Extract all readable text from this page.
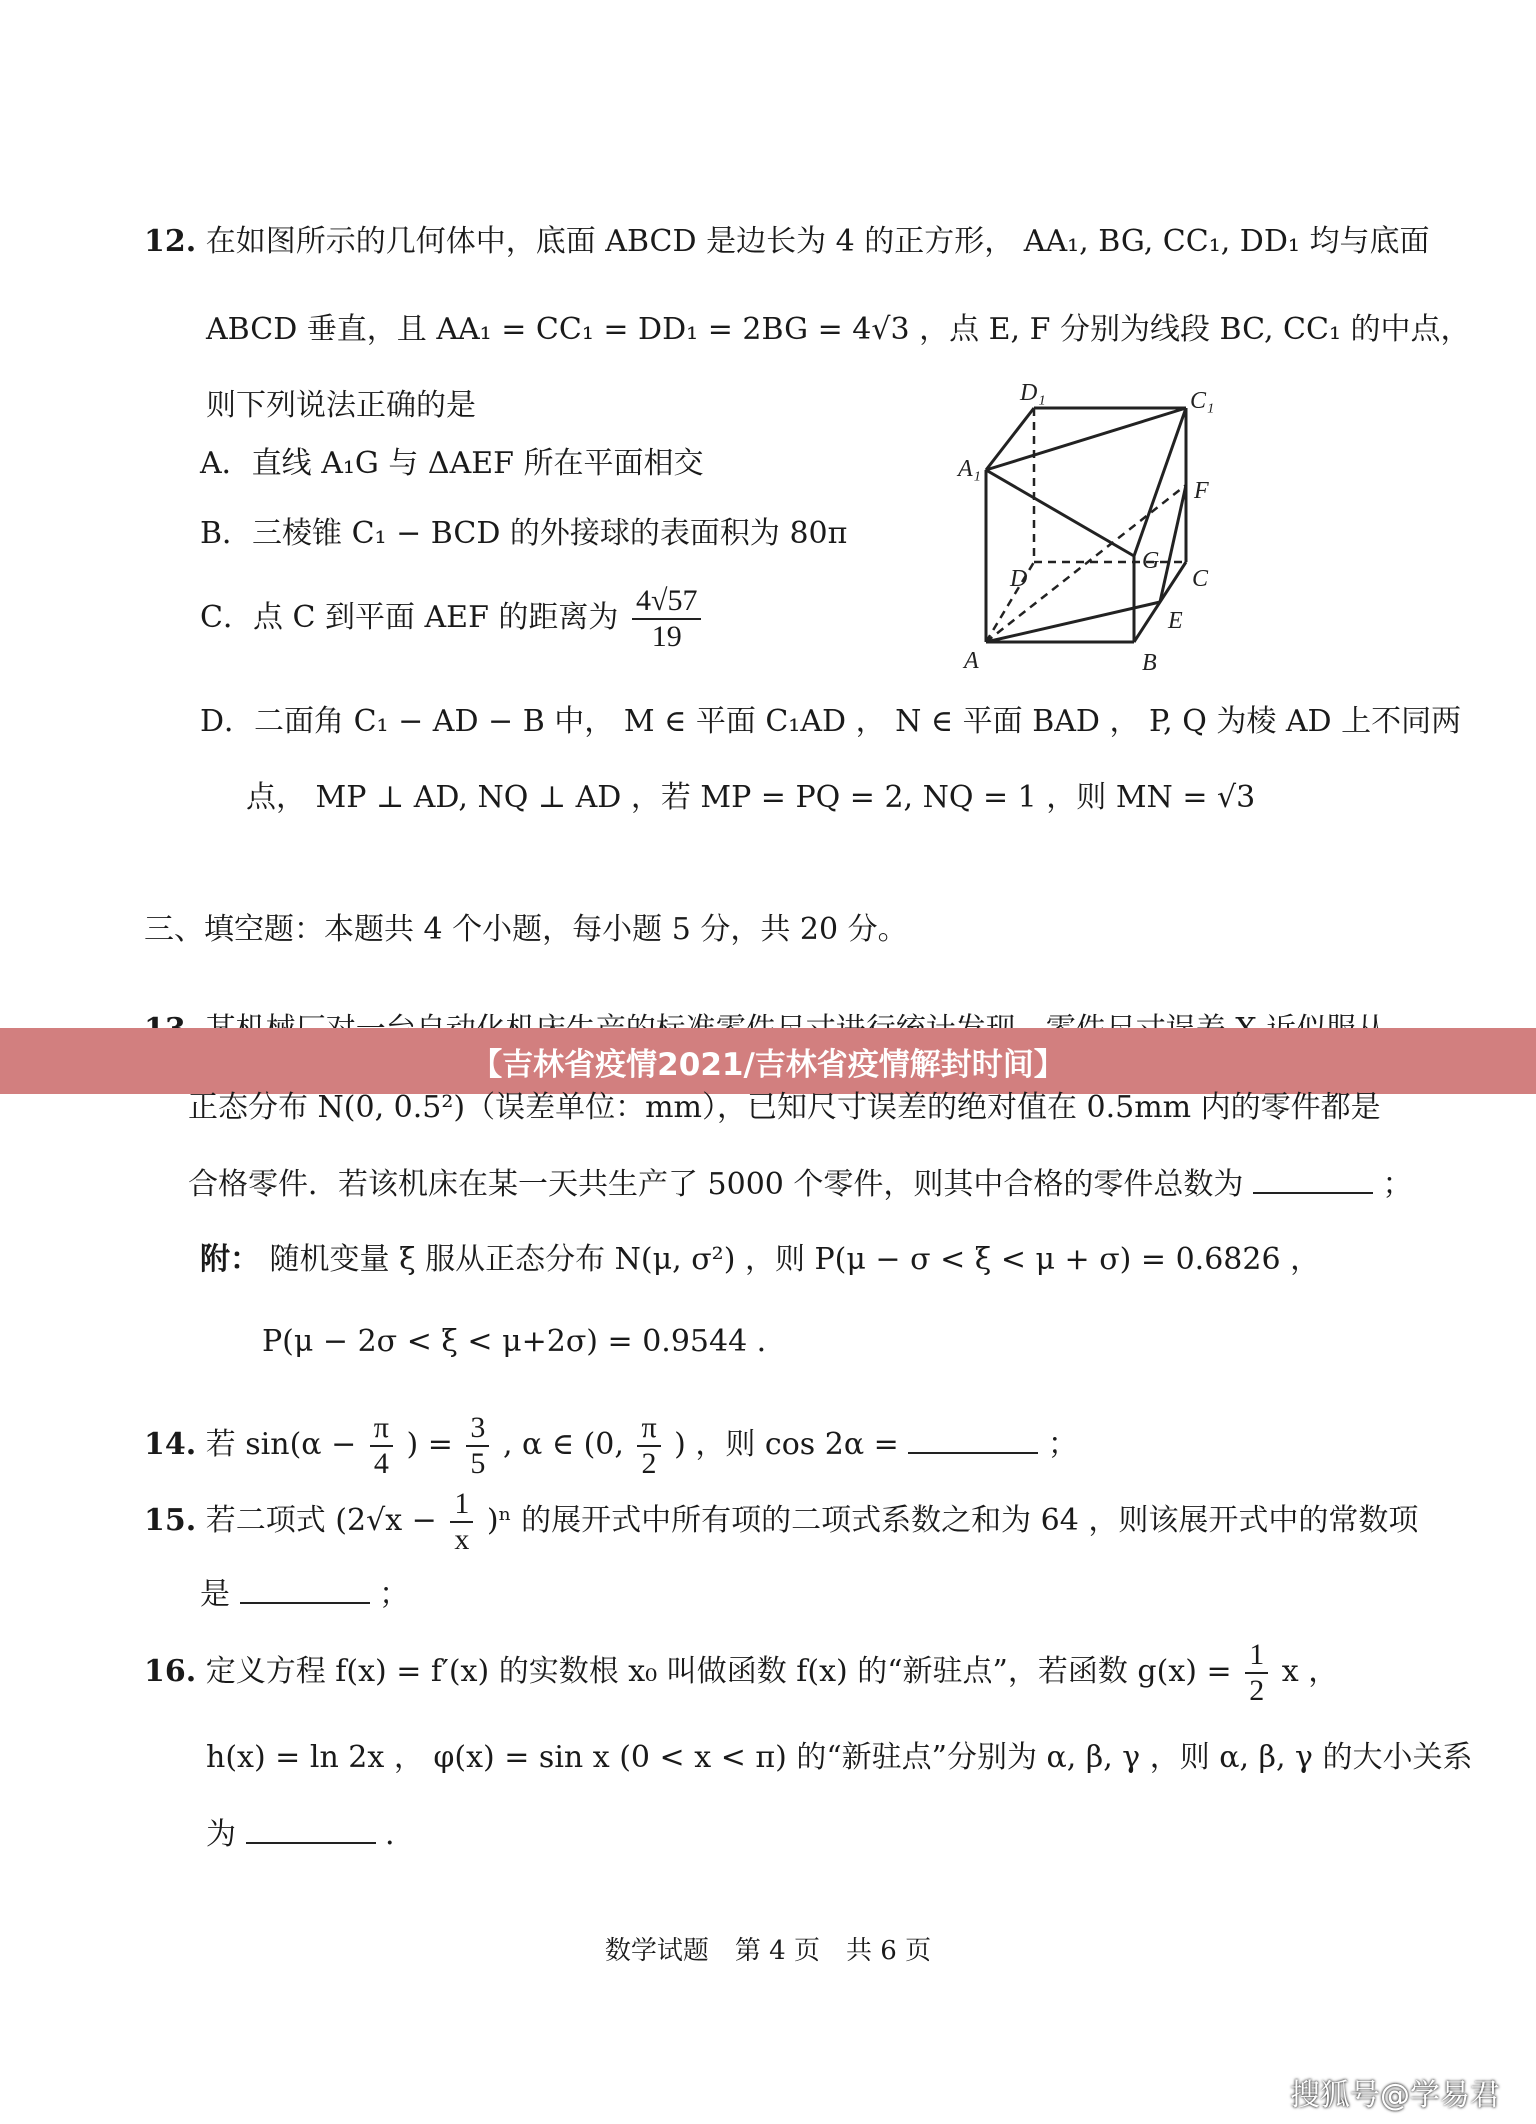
12. 在如图所示的几何体中，底面 ABCD 是边长为 4 的正方形， AA₁, BG, CC₁, DD₁ 均与底面
ABCD 垂直，且 AA₁ = CC₁ = DD₁ = 2BG = 4√3 ，点 E, F 分别为线段 BC, CC₁ 的中点，
则下列说法正确的是
A．直线 A₁G 与 ΔAEF 所在平面相交
B．三棱锥 C₁ − BCD 的外接球的表面积为 80π
C．点 C 到平面 AEF 的距离为 $\frac{4√57}{19}$
D．二面角 C₁ − AD − B 中， M ∈ 平面 C₁AD ， N ∈ 平面 BAD ， P, Q 为棱 AD 上不同两
点， MP ⊥ AD, NQ ⊥ AD ，若 MP = PQ = 2, NQ = 1 ，则 MN = √3
D₁	C₁
A₁
F
G
D	C
E
A	B
三、填空题：本题共 4 个小题，每小题 5 分，共 20 分。
【吉林省疫情2021/吉林省疫情解封时间】
正态分布 N(0, 0.5²)（误差单位：mm），已知尺寸误差的绝对值在 0.5mm 内的零件都是
合格零件．若该机床在某一天共生产了 5000 个零件，则其中合格的零件总数为	；
附： 随机变量 ξ 服从正态分布 N(μ, σ²) ，则 P(μ − σ < ξ < μ + σ) = 0.6826 ，
P(μ − 2σ < ξ < μ+2σ) = 0.9544 ．
14. 若 $\sin(\alpha - \frac{\pi}{4}$ ) = $\frac{3}{5}$ , α ∈ (0, $\frac{\pi}{2}$ ) ，则 cos 2α =	；
15. 若二项式 $(2√x - \frac{1}{x} )^n$ 的展开式中所有项的二项式系数之和为 64 ，则该展开式中的常数项
是	；
16. 定义方程 f(x) = f′(x) 的实数根 x₀ 叫做函数 f(x) 的“新驻点”，若函数 $g(x) = \frac{1}{2}$ x ，
h(x) = ln 2x ， φ(x) = sin x (0 < x < π) 的“新驻点”分别为 α, β, γ ，则 α, β, γ 的大小关系
为	．
数学试题　第 4 页　共 6 页
搜狐号@学易君
